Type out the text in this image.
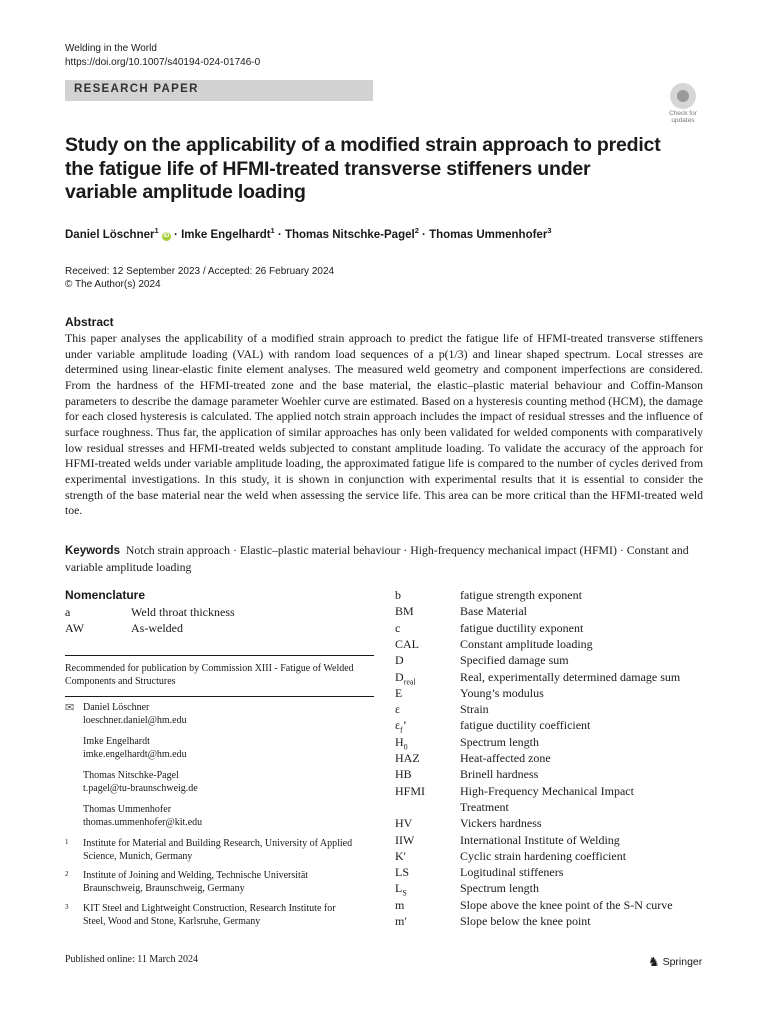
Welding in the World
https://doi.org/10.1007/s40194-024-01746-0
RESEARCH PAPER
Check for
updates
Study on the applicability of a modified strain approach to predict the fatigue life of HFMI-treated transverse stiffeners under variable amplitude loading
Daniel Löschner$^1$ iD · Imke Engelhardt$^1$ · Thomas Nitschke-Pagel$^2$ · Thomas Ummenhofer$^3$
Received: 12 September 2023 / Accepted: 26 February 2024
© The Author(s) 2024
Abstract
This paper analyses the applicability of a modified strain approach to predict the fatigue life of HFMI-treated transverse stiffeners under variable amplitude loading (VAL) with random load sequences of a p(1/3) and linear shaped spectrum. Local stresses are determined using linear-elastic finite element analyses. The measured weld geometry and component imperfections are considered. From the hardness of the HFMI-treated zone and the base material, the elastic–plastic material behaviour and Coffin-Manson parameters to describe the damage parameter Woehler curve are estimated. Based on a hysteresis counting method (HCM), the damage for each closed hysteresis is calculated. The applied notch strain approach includes the impact of residual stresses and the influence of surface roughness. Thus far, the application of similar approaches has only been validated for welded components with comparatively low residual stresses and HFMI-treated welds subjected to constant amplitude loading. To validate the accuracy of the approach for HFMI-treated welds under variable amplitude loading, the approximated fatigue life is compared to the number of cycles derived from experimental investigations. In this study, it is shown in conjunction with experimental results that it is essential to consider the strength of the base material near the weld when assessing the service life. This area can be more critical than the HFMI-treated weld toe.
Keywords Notch strain approach · Elastic–plastic material behaviour · High-frequency mechanical impact (HFMI) · Constant and variable amplitude loading
Nomenclature
a	Weld throat thickness
AW	As-welded
Recommended for publication by Commission XIII - Fatigue of Welded Components and Structures
✉ Daniel Löschner
loeschner.daniel@hm.edu
Imke Engelhardt
imke.engelhardt@hm.edu
Thomas Nitschke-Pagel
t.pagel@tu-braunschweig.de
Thomas Ummenhofer
thomas.ummenhofer@kit.edu
1 Institute for Material and Building Research, University of Applied Science, Munich, Germany
2 Institute of Joining and Welding, Technische Universität Braunschweig, Braunschweig, Germany
3 KIT Steel and Lightweight Construction, Research Institute for Steel, Wood and Stone, Karlsruhe, Germany
b	fatigue strength exponent
BM	Base Material
c	fatigue ductility exponent
CAL	Constant amplitude loading
D	Specified damage sum
$D_{real}$	Real, experimentally determined damage sum
E	Young’s modulus
ε	Strain
$\varepsilon_f$’	fatigue ductility coefficient
$H_0$	Spectrum length
HAZ	Heat-affected zone
HB	Brinell hardness
HFMI	High-Frequency Mechanical Impact
Treatment
HV	Vickers hardness
IIW	International Institute of Welding
K'	Cyclic strain hardening coefficient
LS	Logitudinal stiffeners
$L_S$	Spectrum length
m	Slope above the knee point of the S-N curve
m′	Slope below the knee point
Published online: 11 March 2024	♞ Springer
